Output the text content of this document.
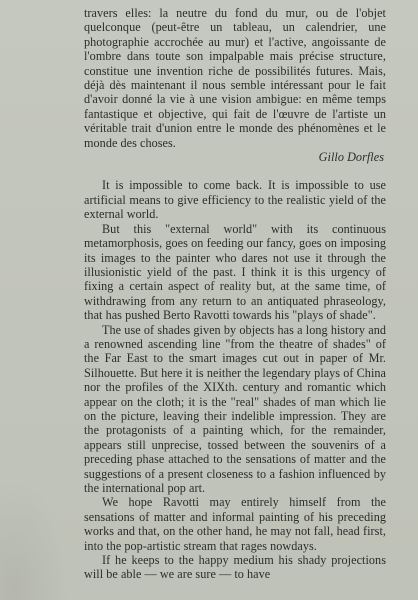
travers elles: la neutre du fond du mur, ou de l'objet quelconque (peut-être un tableau, un calendrier, une photographie accrochée au mur) et l'active, angoissante de l'ombre dans toute son impalpable mais précise structure, constitue une invention riche de possibilités futures. Mais, déjà dès maintenant il nous semble intéressant pour le fait d'avoir donné la vie à une vision ambigue: en même temps fantastique et objective, qui fait de l'œuvre de l'artiste un véritable trait d'union entre le monde des phénomènes et le monde des choses.

Gillo Dorfles

It is impossible to come back. It is impossible to use artificial means to give efficiency to the realistic yield of the external world.

But this "external world" with its continuous metamorphosis, goes on feeding our fancy, goes on imposing its images to the painter who dares not use it through the illusionistic yield of the past. I think it is this urgency of fixing a certain aspect of reality but, at the same time, of withdrawing from any return to an antiquated phraseology, that has pushed Berto Ravotti towards his "plays of shade".

The use of shades given by objects has a long history and a renowned ascending line "from the theatre of shades" of the Far East to the smart images cut out in paper of Mr. Silhouette. But here it is neither the legendary plays of China nor the profiles of the XIXth. century and romantic which appear on the cloth; it is the "real" shades of man which lie on the picture, leaving their indelible impression. They are the protagonists of a painting which, for the remainder, appears still unprecise, tossed between the souvenirs of a preceding phase attached to the sensations of matter and the suggestions of a present closeness to a fashion influenced by the international pop art.

We hope Ravotti may entirely himself from the sensations of matter and informal painting of his preceding works and that, on the other hand, he may not fall, head first, into the pop-artistic stream that rages nowdays.

If he keeps to the happy medium his shady projections will be able — we are sure — to have
